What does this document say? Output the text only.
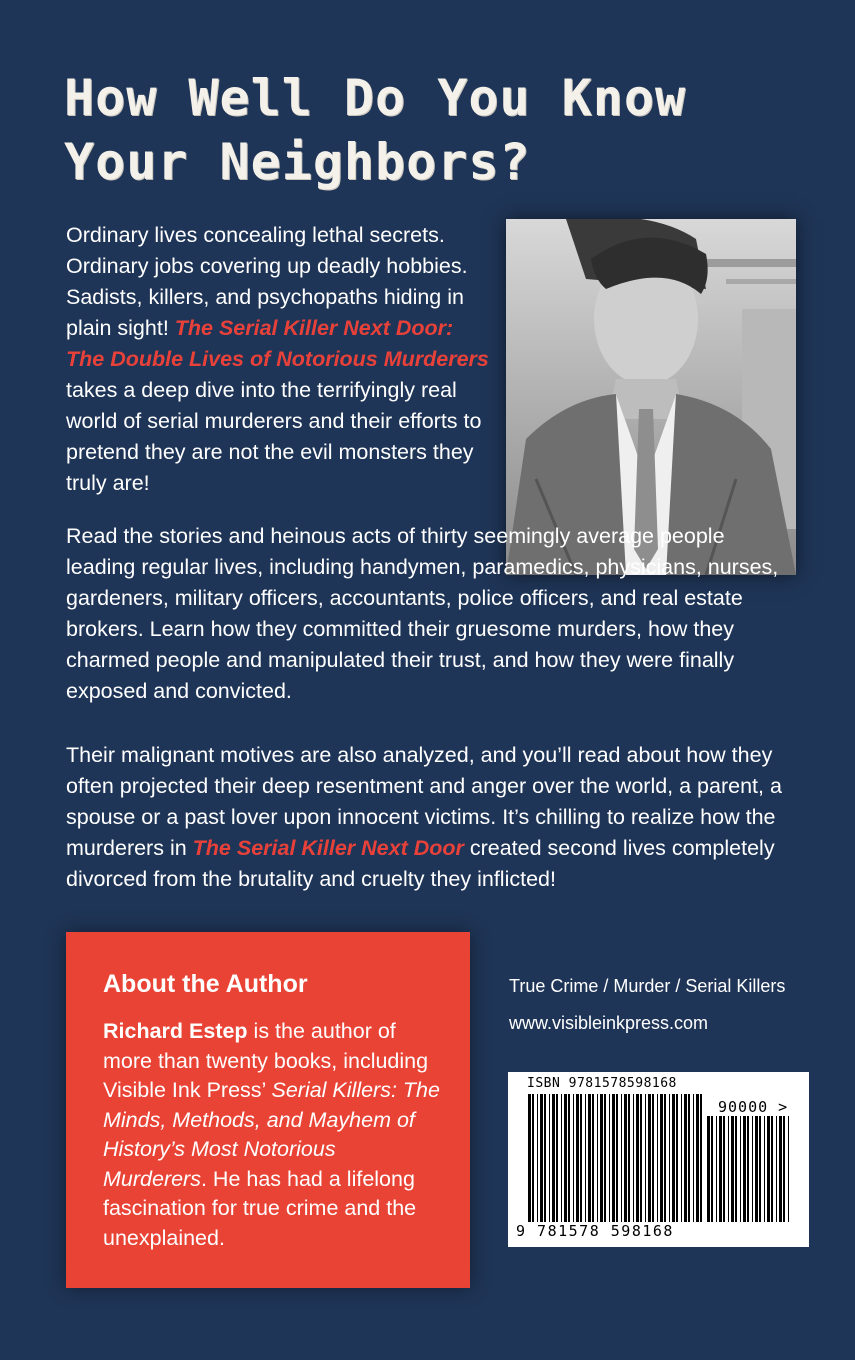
How Well Do You Know
Your Neighbors?
Ordinary lives concealing lethal secrets. Ordinary jobs covering up deadly hobbies. Sadists, killers, and psychopaths hiding in plain sight! The Serial Killer Next Door: The Double Lives of Notorious Murderers takes a deep dive into the terrifyingly real world of serial murderers and their efforts to pretend they are not the evil monsters they truly are!
Read the stories and heinous acts of thirty seemingly average people leading regular lives, including handymen, paramedics, physicians, nurses, gardeners, military officers, accountants, police officers, and real estate brokers. Learn how they committed their gruesome murders, how they charmed people and manipulated their trust, and how they were finally exposed and convicted.
Their malignant motives are also analyzed, and you’ll read about how they often projected their deep resentment and anger over the world, a parent, a spouse or a past lover upon innocent victims. It’s chilling to realize how the murderers in The Serial Killer Next Door created second lives completely divorced from the brutality and cruelty they inflicted!
About the Author
Richard Estep is the author of more than twenty books, including Visible Ink Press’ Serial Killers: The Minds, Methods, and Mayhem of History’s Most Notorious Murderers. He has had a lifelong fascination for true crime and the unexplained.
True Crime / Murder / Serial Killers
www.visibleinkpress.com
ISBN 9781578598168
90000 >
9 781578 598168
